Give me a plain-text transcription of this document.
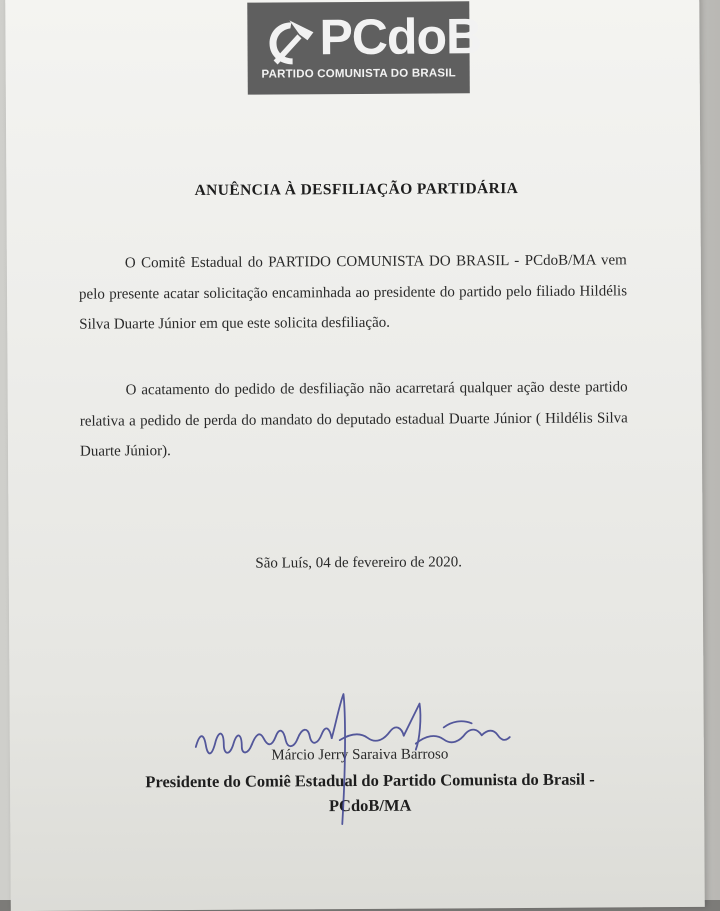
PCdoB
PARTIDO COMUNISTA DO BRASIL
ANUÊNCIA À DESFILIAÇÃO PARTIDÁRIA

O Comitê Estadual do PARTIDO COMUNISTA DO BRASIL - PCdoB/MA vem pelo presente acatar solicitação encaminhada ao presidente do partido pelo filiado Hildélis Silva Duarte Júnior em que este solicita desfiliação.

O acatamento do pedido de desfiliação não acarretará qualquer ação deste partido relativa a pedido de perda do mandato do deputado estadual Duarte Júnior ( Hildélis Silva Duarte Júnior).

São Luís, 04 de fevereiro de 2020.
Márcio Jerry Saraiva Barroso
Presidente do Comiê Estadual do Partido Comunista do Brasil -
PCdoB/MA
